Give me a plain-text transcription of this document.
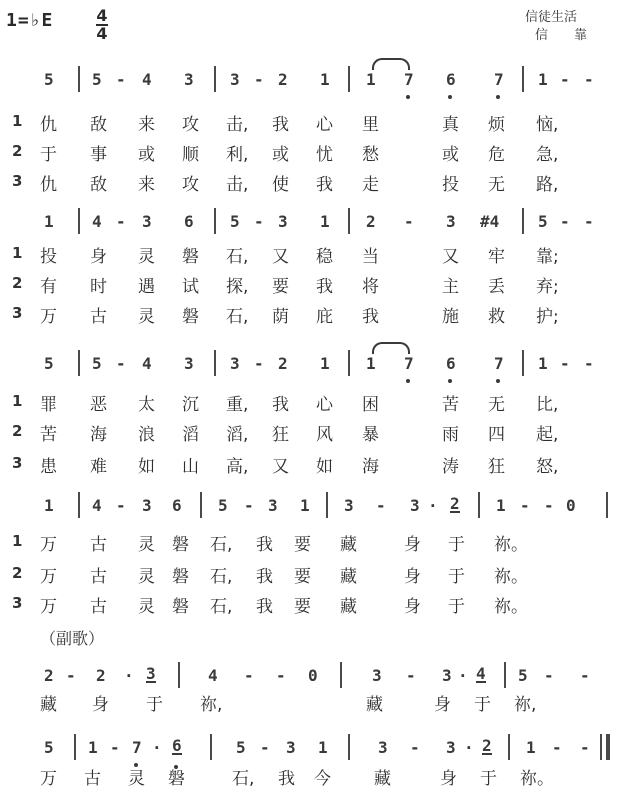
1=♭E	4
4
信徒生活
信靠
5 5 - 4 3 3 - 2 1 1 7 6 7 1 - -
1 仇 敌 来 攻 击, 我 心 里	真 烦 恼,
2 于 事 或 顺 利, 或 忧 愁	或 危 急,
3 仇 敌 来 攻 击, 使 我 走	投 无 路,
1 4 - 3 6 5 - 3 1 2 - 3 #4 5 - -
1 投 身 灵 磐 石, 又 稳 当	又 牢 靠;
2 有 时 遇 试 探, 要 我 将	主 丢 弃;
3 万 古 灵 磐 石, 荫 庇 我	施 救 护;
5 5 - 4 3 3 - 2 1 1 7 6 7 1 - -
1 罪 恶 太 沉 重, 我 心 困	苦 无 比,
2 苦 海 浪 滔 滔, 狂 风 暴	雨 四 起,
3 患 难 如 山 高, 又 如 海	涛 狂 怒,
1 4 - 3 6 5 - 3 1 3 - 3 · 2 1 - - 0
1 万 古 灵 磐 石, 我 要 藏	身 于 祢。
2 万 古 灵 磐 石, 我 要 藏	身 于 祢。
3 万 古 灵 磐 石, 我 要 藏	身 于 祢。
（副歌）
2 - 2 · 3	4 - - 0	3 - 3 · 4 5 - -
藏 身 于 祢,	藏	身 于 祢,
5 1 - 7 · 6	5 - 3 1	3 - 3 · 2 1 - -
万 古 灵 磐	石, 我 今	藏	身 于 祢。
